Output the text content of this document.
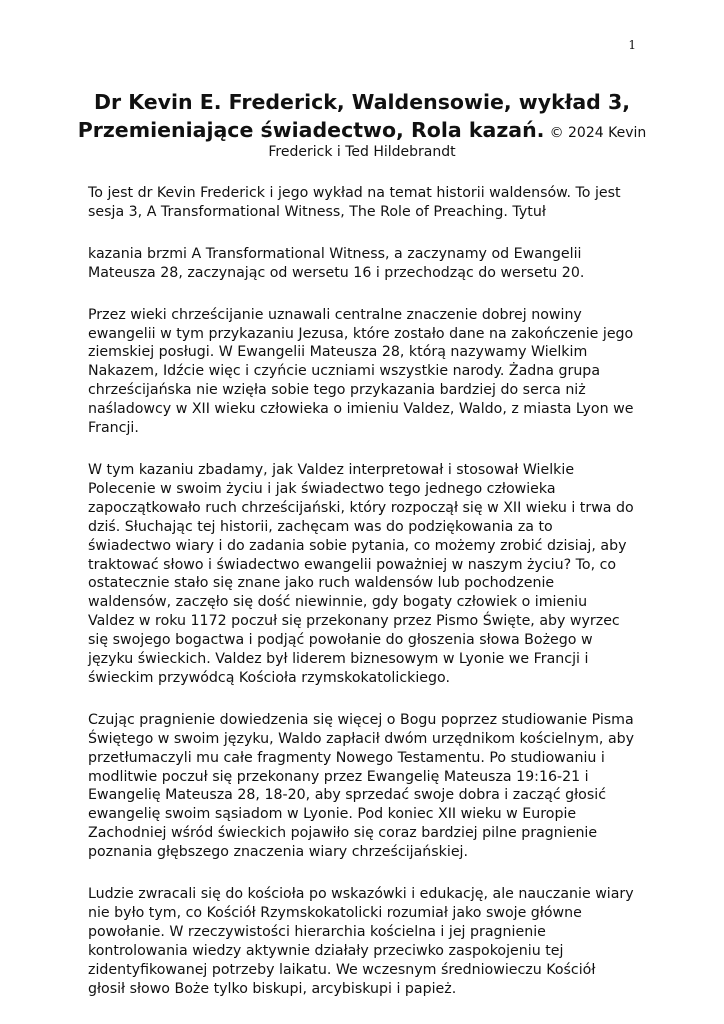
1
Dr Kevin E. Frederick, Waldensowie, wykład 3,
Przemieniające świadectwo, Rola kazań. © 2024 Kevin
Frederick i Ted Hildebrandt

To jest dr Kevin Frederick i jego wykład na temat historii waldensów. To jest sesja 3, A Transformational Witness, The Role of Preaching. Tytuł

kazania brzmi A Transformational Witness, a zaczynamy od Ewangelii Mateusza 28, zaczynając od wersetu 16 i przechodząc do wersetu 20.

Przez wieki chrześcijanie uznawali centralne znaczenie dobrej nowiny ewangelii w tym przykazaniu Jezusa, które zostało dane na zakończenie jego ziemskiej posługi. W Ewangelii Mateusza 28, którą nazywamy Wielkim Nakazem, Idźcie więc i czyńcie uczniami wszystkie narody. Żadna grupa chrześcijańska nie wzięła sobie tego przykazania bardziej do serca niż naśladowcy w XII wieku człowieka o imieniu Valdez, Waldo, z miasta Lyon we Francji.

W tym kazaniu zbadamy, jak Valdez interpretował i stosował Wielkie Polecenie w swoim życiu i jak świadectwo tego jednego człowieka zapoczątkowało ruch chrześcijański, który rozpoczął się w XII wieku i trwa do dziś. Słuchając tej historii, zachęcam was do podziękowania za to świadectwo wiary i do zadania sobie pytania, co możemy zrobić dzisiaj, aby traktować słowo i świadectwo ewangelii poważniej w naszym życiu? To, co ostatecznie stało się znane jako ruch waldensów lub pochodzenie waldensów, zaczęło się dość niewinnie, gdy bogaty człowiek o imieniu Valdez w roku 1172 poczuł się przekonany przez Pismo Święte, aby wyrzec się swojego bogactwa i podjąć powołanie do głoszenia słowa Bożego w języku świeckich. Valdez był liderem biznesowym w Lyonie we Francji i świeckim przywódcą Kościoła rzymskokatolickiego.

Czując pragnienie dowiedzenia się więcej o Bogu poprzez studiowanie Pisma Świętego w swoim języku, Waldo zapłacił dwóm urzędnikom kościelnym, aby przetłumaczyli mu całe fragmenty Nowego Testamentu. Po studiowaniu i modlitwie poczuł się przekonany przez Ewangelię Mateusza 19:16-21 i Ewangelię Mateusza 28, 18-20, aby sprzedać swoje dobra i zacząć głosić ewangelię swoim sąsiadom w Lyonie. Pod koniec XII wieku w Europie Zachodniej wśród świeckich pojawiło się coraz bardziej pilne pragnienie poznania głębszego znaczenia wiary chrześcijańskiej.

Ludzie zwracali się do kościoła po wskazówki i edukację, ale nauczanie wiary nie było tym, co Kościół Rzymskokatolicki rozumiał jako swoje główne powołanie. W rzeczywistości hierarchia kościelna i jej pragnienie kontrolowania wiedzy aktywnie działały przeciwko zaspokojeniu tej zidentyfikowanej potrzeby laikatu. We wczesnym średniowieczu Kościół głosił słowo Boże tylko biskupi, arcybiskupi i papież.
